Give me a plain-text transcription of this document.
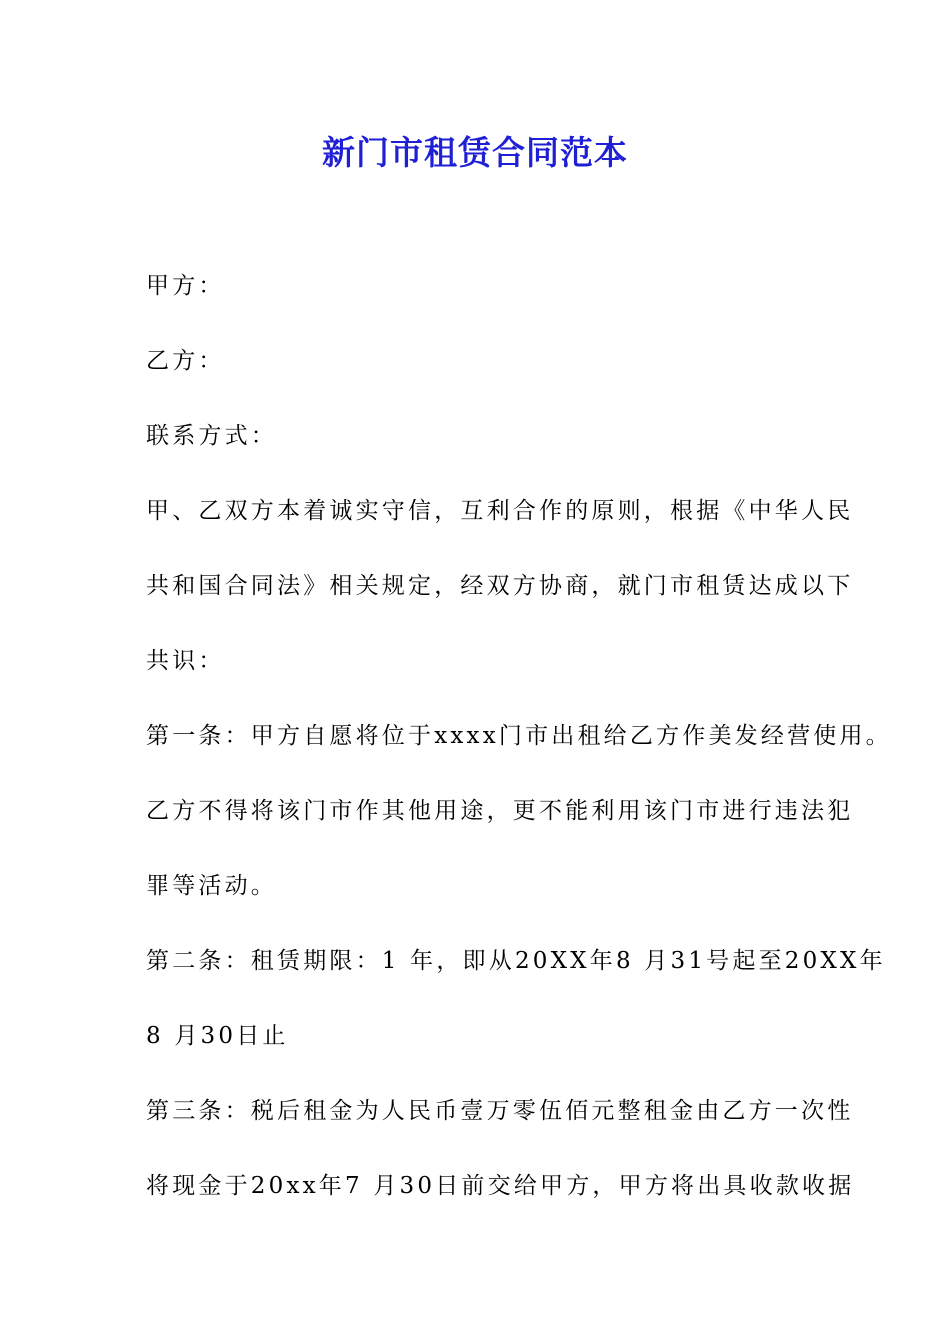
新门市租赁合同范本

甲方：

乙方：

联系方式：

甲、乙双方本着诚实守信，互利合作的原则，根据《中华人民

共和国合同法》相关规定，经双方协商，就门市租赁达成以下

共识：

第一条：甲方自愿将位于xxxx门市出租给乙方作美发经营使用。

乙方不得将该门市作其他用途，更不能利用该门市进行违法犯

罪等活动。

第二条：租赁期限：1 年，即从20XX年8 月31号起至20XX年

8 月30日止

第三条：税后租金为人民币壹万零伍佰元整租金由乙方一次性

将现金于20xx年7 月30日前交给甲方，甲方将出具收款收据
